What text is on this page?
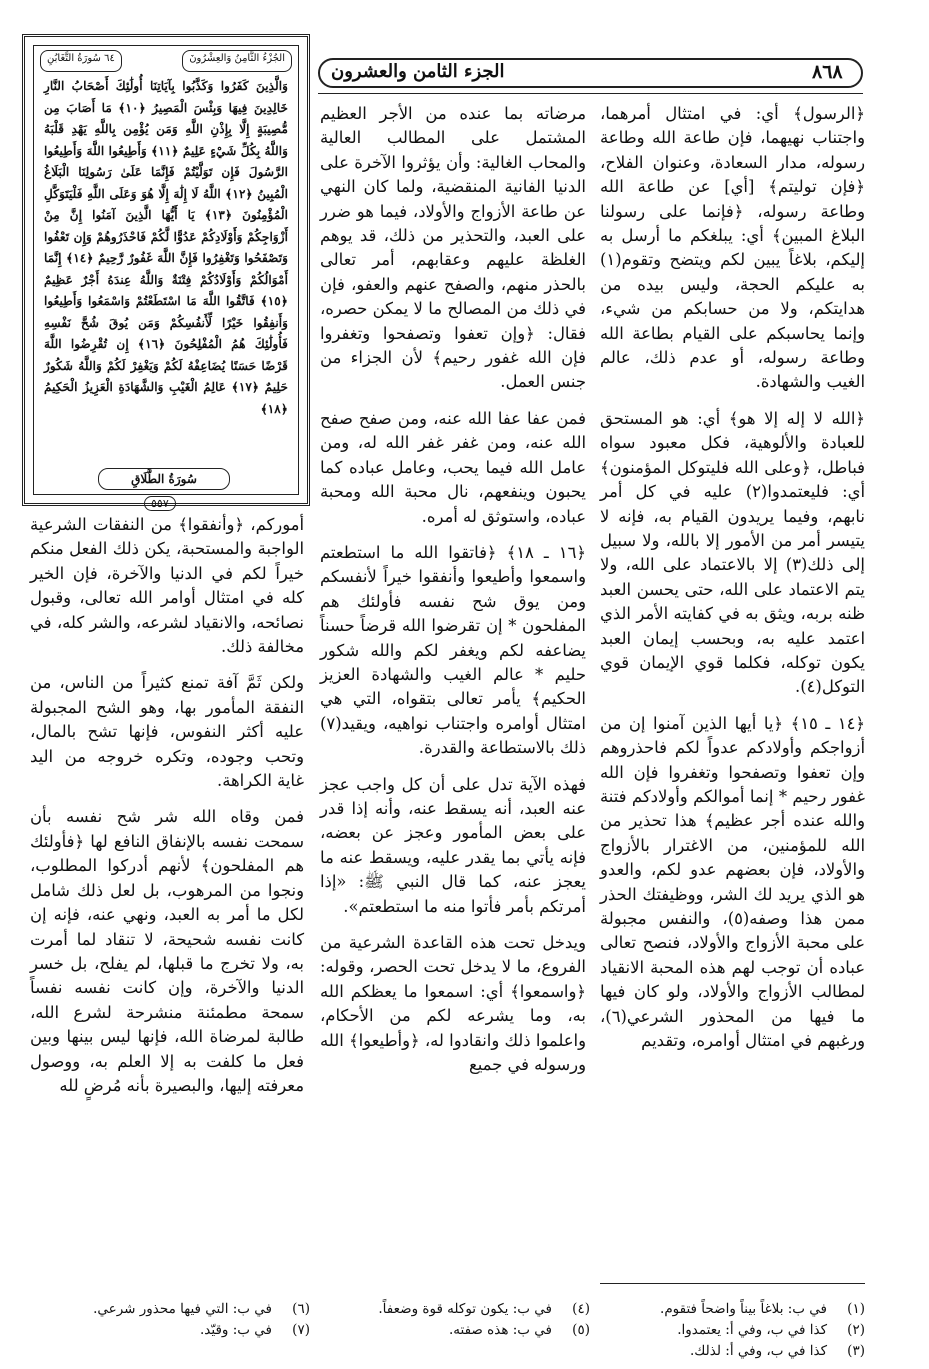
الجزء الثامن والعشرون	٨٦٨
الجُزْءُ الثَّامِنُ وَالعِشْرُونَ
٦٤ سُورَةُ التَّغَابُنِ
وَالَّذِينَ كَفَرُوا وَكَذَّبُوا بِآيَاتِنَا أُولَٰئِكَ أَصْحَابُ النَّارِ خَالِدِينَ فِيهَا وَبِئْسَ الْمَصِيرُ ﴿١٠﴾ مَا أَصَابَ مِن مُّصِيبَةٍ إِلَّا بِإِذْنِ اللَّهِ وَمَن يُؤْمِن بِاللَّهِ يَهْدِ قَلْبَهُ وَاللَّهُ بِكُلِّ شَيْءٍ عَلِيمٌ ﴿١١﴾ وَأَطِيعُوا اللَّهَ وَأَطِيعُوا الرَّسُولَ فَإِن تَوَلَّيْتُمْ فَإِنَّمَا عَلَىٰ رَسُولِنَا الْبَلَاغُ الْمُبِينُ ﴿١٢﴾ اللَّهُ لَا إِلَٰهَ إِلَّا هُوَ وَعَلَى اللَّهِ فَلْيَتَوَكَّلِ الْمُؤْمِنُونَ ﴿١٣﴾ يَا أَيُّهَا الَّذِينَ آمَنُوا إِنَّ مِنْ أَزْوَاجِكُمْ وَأَوْلَادِكُمْ عَدُوًّا لَّكُمْ فَاحْذَرُوهُمْ وَإِن تَعْفُوا وَتَصْفَحُوا وَتَغْفِرُوا فَإِنَّ اللَّهَ غَفُورٌ رَّحِيمٌ ﴿١٤﴾ إِنَّمَا أَمْوَالُكُمْ وَأَوْلَادُكُمْ فِتْنَةٌ وَاللَّهُ عِندَهُ أَجْرٌ عَظِيمٌ ﴿١٥﴾ فَاتَّقُوا اللَّهَ مَا اسْتَطَعْتُمْ وَاسْمَعُوا وَأَطِيعُوا وَأَنفِقُوا خَيْرًا لِّأَنفُسِكُمْ وَمَن يُوقَ شُحَّ نَفْسِهِ فَأُولَٰئِكَ هُمُ الْمُفْلِحُونَ ﴿١٦﴾ إِن تُقْرِضُوا اللَّهَ قَرْضًا حَسَنًا يُضَاعِفْهُ لَكُمْ وَيَغْفِرْ لَكُمْ وَاللَّهُ شَكُورٌ حَلِيمٌ ﴿١٧﴾ عَالِمُ الْغَيْبِ وَالشَّهَادَةِ الْعَزِيزُ الْحَكِيمُ ﴿١٨﴾
سُورَةُ الطَّلَاقِ
٥٥٧

﴿الرسول﴾ أي: في امتثال أمرهما، واجتناب نهيهما، فإن طاعة الله وطاعة رسوله، مدار السعادة، وعنوان الفلاح، ﴿فإن توليتم﴾ [أي] عن طاعة الله وطاعة رسوله، ﴿فإنما على رسولنا البلاغ المبين﴾ أي: يبلغكم ما أرسل به إليكم، بلاغاً يبين لكم ويتضح وتقوم(١) به عليكم الحجة، وليس بيده من هدايتكم، ولا من حسابكم من شيء، وإنما يحاسبكم على القيام بطاعة الله وطاعة رسوله، أو عدم ذلك، عالم الغيب والشهادة.

﴿الله لا إله إلا هو﴾ أي: هو المستحق للعبادة والألوهية، فكل معبود سواه فباطل، ﴿وعلى الله فليتوكل المؤمنون﴾ أي: فليعتمدوا(٢) عليه في كل أمر نابهم، وفيما يريدون القيام به، فإنه لا يتيسر أمر من الأمور إلا بالله، ولا سبيل إلى ذلك(٣) إلا بالاعتماد على الله، ولا يتم الاعتماد على الله، حتى يحسن العبد ظنه بربه، ويثق به في كفايته الأمر الذي اعتمد عليه به، وبحسب إيمان العبد يكون توكله، فكلما قوي الإيمان قوي التوكل(٤).

﴿١٤ ـ ١٥﴾ ﴿يا أيها الذين آمنوا إن من أزواجكم وأولادكم عدواً لكم فاحذروهم وإن تعفوا وتصفحوا وتغفروا فإن الله غفور رحيم * إنما أموالكم وأولادكم فتنة والله عنده أجر عظيم﴾ هذا تحذير من الله للمؤمنين، من الاغترار بالأزواج والأولاد، فإن بعضهم عدو لكم، والعدو هو الذي يريد لك الشر، ووظيفتك الحذر ممن هذا وصفه(٥)، والنفس مجبولة على محبة الأزواج والأولاد، فنصح تعالى عباده أن توجب لهم هذه المحبة الانقياد لمطالب الأزواج والأولاد، ولو كان فيها ما فيها من المحذور الشرعي(٦)، ورغبهم في امتثال أوامره، وتقديم

مرضاته بما عنده من الأجر العظيم المشتمل على المطالب العالية والمحاب الغالية: وأن يؤثروا الآخرة على الدنيا الفانية المنقضية، ولما كان النهي عن طاعة الأزواج والأولاد، فيما هو ضرر على العبد، والتحذير من ذلك، قد يوهم الغلظة عليهم وعقابهم، أمر تعالى بالحذر منهم، والصفح عنهم والعفو، فإن في ذلك من المصالح ما لا يمكن حصره، فقال: ﴿وإن تعفوا وتصفحوا وتغفروا فإن الله غفور رحيم﴾ لأن الجزاء من جنس العمل.

فمن عفا عفا الله عنه، ومن صفح صفح الله عنه، ومن غفر غفر الله له، ومن عامل الله فيما يحب، وعامل عباده كما يحبون وينفعهم، نال محبة الله ومحبة عباده، واستوثق له أمره.

﴿١٦ ـ ١٨﴾ ﴿فاتقوا الله ما استطعتم واسمعوا وأطيعوا وأنفقوا خيراً لأنفسكم ومن يوق شح نفسه فأولئك هم المفلحون * إن تقرضوا الله قرضاً حسناً يضاعفه لكم ويغفر لكم والله شكور حليم * عالم الغيب والشهادة العزيز الحكيم﴾ يأمر تعالى بتقواه، التي هي امتثال أوامره واجتناب نواهيه، ويقيد(٧) ذلك بالاستطاعة والقدرة.

فهذه الآية تدل على أن كل واجب عجز عنه العبد، أنه يسقط عنه، وأنه إذا قدر على بعض المأمور وعجز عن بعضه، فإنه يأتي بما يقدر عليه، ويسقط عنه ما يعجز عنه، كما قال النبي ﷺ: «إذا أمرتكم بأمر فأتوا منه ما استطعتم».

ويدخل تحت هذه القاعدة الشرعية من الفروع، ما لا يدخل تحت الحصر، وقوله: ﴿واسمعوا﴾ أي: اسمعوا ما يعظكم الله به، وما يشرعه لكم من الأحكام، واعلموا ذلك وانقادوا له، ﴿وأطيعوا﴾ الله ورسوله في جميع

أموركم، ﴿وأنفقوا﴾ من النفقات الشرعية الواجبة والمستحبة، يكن ذلك الفعل منكم خيراً لكم في الدنيا والآخرة، فإن الخير كله في امتثال أوامر الله تعالى، وقبول نصائحه، والانقياد لشرعه، والشر كله، في مخالفة ذلك.

ولكن ثَمَّ آفة تمنع كثيراً من الناس، من النفقة المأمور بها، وهو الشح المجبولة عليه أكثر النفوس، فإنها تشح بالمال، وتحب وجوده، وتكره خروجه من اليد غاية الكراهة.

فمن وقاه الله شر شح نفسه بأن سمحت نفسه بالإنفاق النافع لها ﴿فأولئك هم المفلحون﴾ لأنهم أدركوا المطلوب، ونجوا من المرهوب، بل لعل ذلك شامل لكل ما أمر به العبد، ونهي عنه، فإنه إن كانت نفسه شحيحة، لا تنقاد لما أمرت به، ولا تخرج ما قبلها، لم يفلح، بل خسر الدنيا والآخرة، وإن كانت نفسه نفساً سمحة مطمئنة منشرحة لشرع الله، طالبة لمرضاة الله، فإنها ليس بينها وبين فعل ما كلفت به إلا العلم به، ووصول معرفته إليها، والبصيرة بأنه مُرضٍ لله

(١)في ب: بلاغاً بيناً واضحاً فتقوم.
(٢)كذا في ب، وفي أ: يعتمدوا.
(٣)كذا في ب، وفي أ: لذلك.
(٤)في ب: يكون توكله قوة وضعفاً.
(٥)في ب: هذه صفته.
(٦)في ب: التي فيها محذور شرعي.
(٧)في ب: وقيّد.
